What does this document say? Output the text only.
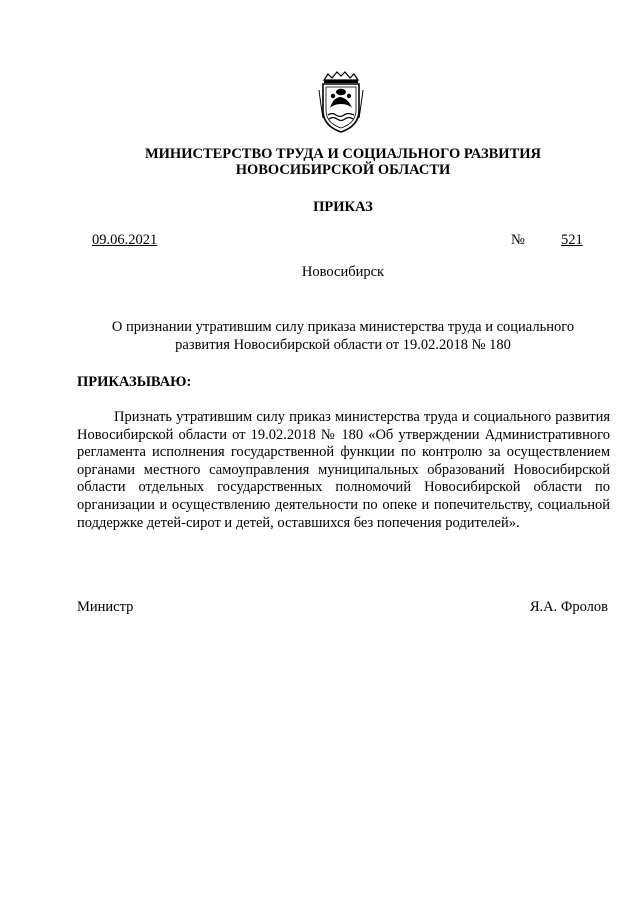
МИНИСТЕРСТВО ТРУДА И СОЦИАЛЬНОГО РАЗВИТИЯ
НОВОСИБИРСКОЙ ОБЛАСТИ
ПРИКАЗ
09.06.2021	№ 521
Новосибирск
О признании утратившим силу приказа министерства труда и социального развития Новосибирской области от 19.02.2018 № 180
ПРИКАЗЫВАЮ:
Признать утратившим силу приказ министерства труда и социального развития Новосибирской области от 19.02.2018 № 180 «Об утверждении Административного регламента исполнения государственной функции по контролю за осуществлением органами местного самоуправления муниципальных образований Новосибирской области отдельных государственных полномочий Новосибирской области по организации и осуществлению деятельности по опеке и попечительству, социальной поддержке детей-сирот и детей, оставшихся без попечения родителей».
Министр	Я.А. Фролов
